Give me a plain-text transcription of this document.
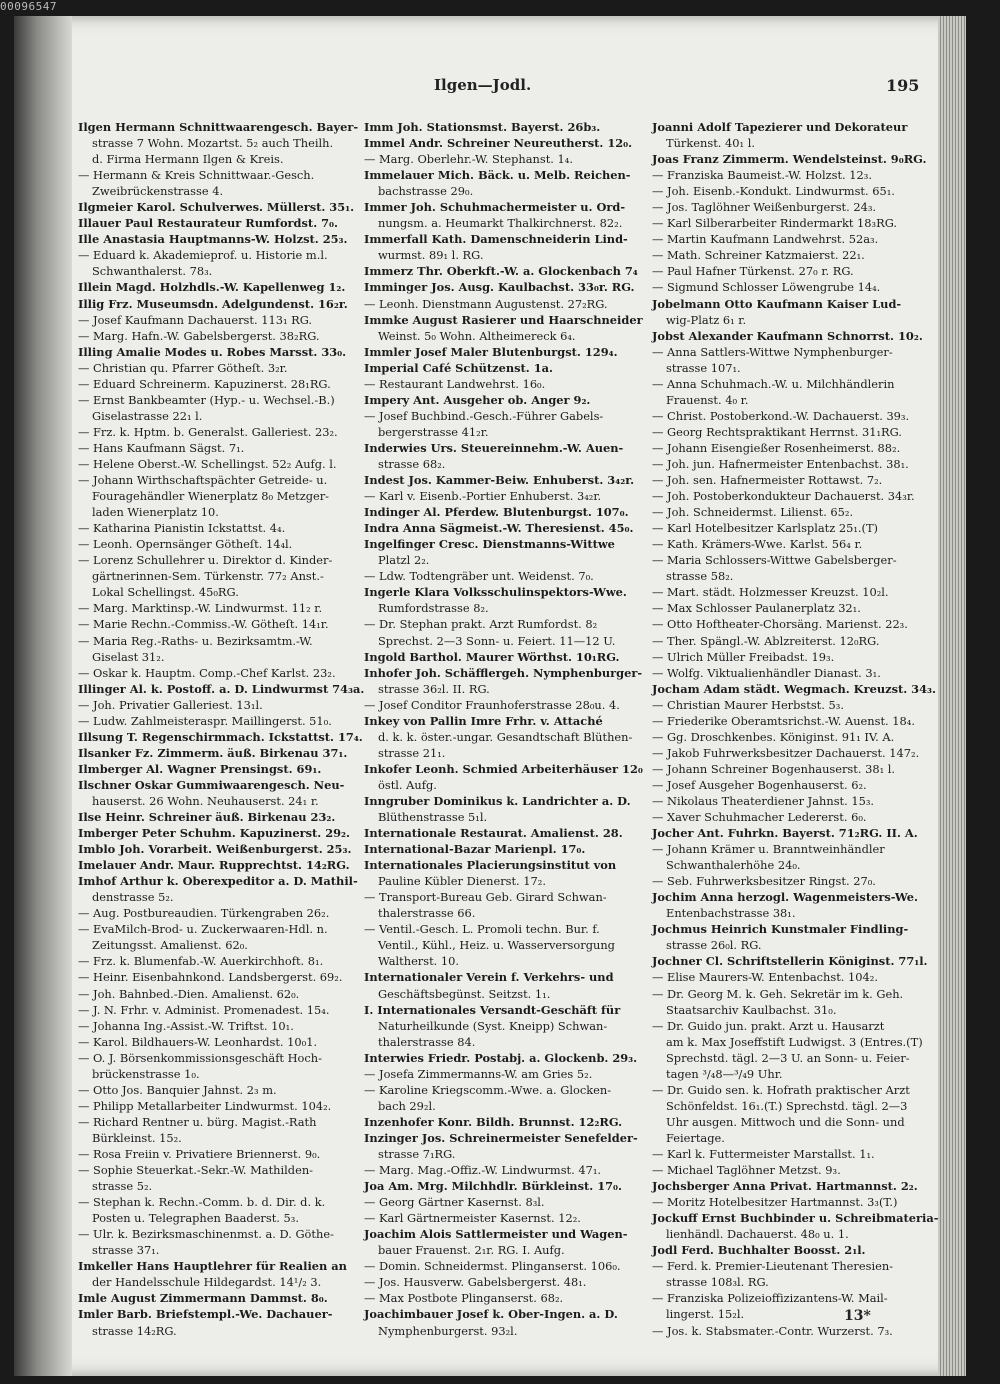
00096547
Ilgen—Jodl.	195
Ilgen Hermann Schnittwaarengesch. Bayer-
strasse 7 Wohn. Mozartst. 5₂ auch Theilh.
d. Firma Hermann Ilgen & Kreis.
— Hermann & Kreis Schnittwaar.-Gesch.
Zweibrückenstrasse 4.
Ilgmeier Karol. Schulverwes. Müllerst. 35₁.
Illauer Paul Restaurateur Rumfordst. 7₀.
Ille Anastasia Hauptmanns-W. Holzst. 25₃.
— Eduard k. Akademieprof. u. Historie m.l.
Schwanthalerst. 78₃.
Illein Magd. Holzhdls.-W. Kapellenweg 1₂.
Illig Frz. Museumsdn. Adelgundenst. 16₂r.
— Josef Kaufmann Dachauerst. 113₁ RG.
— Marg. Hafn.-W. Gabelsbergerst. 38₂RG.
Illing Amalie Modes u. Robes Marsst. 33₀.
— Christian qu. Pfarrer Götheſt. 3₂r.
— Eduard Schreinerm. Kapuzinerst. 28₁RG.
— Ernst Bankbeamter (Hyp.- u. Wechsel.-B.)
Giselastrasse 22₁ l.
— Frz. k. Hptm. b. Generalst. Galleriest. 23₂.
— Hans Kaufmann Sägst. 7₁.
— Helene Oberst.-W. Schellingst. 52₂ Aufg. l.
— Johann Wirthschaftspächter Getreide- u.
Fouragehändler Wienerplatz 8₀ Metzger-
laden Wienerplatz 10.
— Katharina Pianistin Ickstattst. 4₄.
— Leonh. Opernsänger Götheſt. 14₄l.
— Lorenz Schullehrer u. Direktor d. Kinder-
gärtnerinnen-Sem. Türkenstr. 77₂ Anst.-
Lokal Schellingst. 45₀RG.
— Marg. Marktinsp.-W. Lindwurmst. 11₂ r.
— Marie Rechn.-Commiss.-W. Götheſt. 14₁r.
— Maria Reg.-Raths- u. Bezirksamtm.-W.
Giselast 31₂.
— Oskar k. Hauptm. Comp.-Chef Karlst. 23₂.
Illinger Al. k. Postoff. a. D. Lindwurmst 74₃a.
— Joh. Privatier Galleriest. 13₁l.
— Ludw. Zahlmeisteraspr. Maillingerst. 51₀.
Illsung T. Regenschirmmach. Ickstattst. 17₄.
Ilsanker Fz. Zimmerm. äuß. Birkenau 37₁.
Ilmberger Al. Wagner Prensingst. 69₁.
Ilschner Oskar Gummiwaarengesch. Neu-
hauserst. 26 Wohn. Neuhauserst. 24₁ r.
Ilse Heinr. Schreiner äuß. Birkenau 23₂.
Imberger Peter Schuhm. Kapuzinerst. 29₂.
Imblo Joh. Vorarbeit. Weißenburgerst. 25₃.
Imelauer Andr. Maur. Rupprechtst. 14₂RG.
Imhof Arthur k. Oberexpeditor a. D. Mathil-
denstrasse 5₂.
— Aug. Postbureaudien. Türkengraben 26₂.
— EvaMilch-Brod- u. Zuckerwaaren-Hdl. n.
Zeitungsst. Amalienst. 62₀.
— Frz. k. Blumenfab.-W. Auerkirchhoft. 8₁.
— Heinr. Eisenbahnkond. Landsbergerst. 69₂.
— Joh. Bahnbed.-Dien. Amalienst. 62₀.
— J. N. Frhr. v. Administ. Promenadest. 15₄.
— Johanna Ing.-Assist.-W. Triftst. 10₁.
— Karol. Bildhauers-W. Leonhardst. 10₀1.
— O. J. Börsenkommissionsgeschäft Hoch-
brückenstrasse 1₀.
— Otto Jos. Banquier Jahnst. 2₃ m.
— Philipp Metallarbeiter Lindwurmst. 104₂.
— Richard Rentner u. bürg. Magist.-Rath
Bürkleinst. 15₂.
— Rosa Freiin v. Privatiere Briennerst. 9₀.
— Sophie Steuerkat.-Sekr.-W. Mathilden-
strasse 5₂.
— Stephan k. Rechn.-Comm. b. d. Dir. d. k.
Posten u. Telegraphen Baaderst. 5₃.
— Ulr. k. Bezirksmaschinenmst. a. D. Göthe-
strasse 37₁.
Imkeller Hans Hauptlehrer für Realien an
der Handelsschule Hildegardst. 14¹/₂ 3.
Imle August Zimmermann Dammst. 8₀.
Imler Barb. Briefstempl.-We. Dachauer-
strasse 14₂RG.
Imm Joh. Stationsmst. Bayerst. 26b₃.
Immel Andr. Schreiner Neureutherst. 12₀.
— Marg. Oberlehr.-W. Stephanst. 1₄.
Immelauer Mich. Bäck. u. Melb. Reichen-
bachstrasse 29₀.
Immer Joh. Schuhmachermeister u. Ord-
nungsm. a. Heumarkt Thalkirchnerst. 82₂.
Immerfall Kath. Damenschneiderin Lind-
wurmst. 89₁ l. RG.
Immerz Thr. Oberkft.-W. a. Glockenbach 7₄
Imminger Jos. Ausg. Kaulbachst. 33₀r. RG.
— Leonh. Dienstmann Augustenst. 27₂RG.
Immke August Rasierer und Haarschneider
Weinst. 5₀ Wohn. Altheimereck 6₄.
Immler Josef Maler Blutenburgst. 129₄.
Imperial Café Schützenst. 1a.
— Restaurant Landwehrst. 16₀.
Impery Ant. Ausgeher ob. Anger 9₂.
— Josef Buchbind.-Gesch.-Führer Gabels-
bergerstrasse 41₂r.
Inderwies Urs. Steuereinnehm.-W. Auen-
strasse 68₂.
Indest Jos. Kammer-Beiw. Enhuberst. 3₄₂r.
— Karl v. Eisenb.-Portier Enhuberst. 3₄₂r.
Indinger Al. Pferdew. Blutenburgst. 107₀.
Indra Anna Sägmeist.-W. Theresienst. 45₀.
Ingelfinger Cresc. Dienstmanns-Wittwe
Platzl 2₂.
— Ldw. Todtengräber unt. Weidenst. 7₀.
Ingerle Klara Volksschulinspektors-Wwe.
Rumfordstrasse 8₂.
— Dr. Stephan prakt. Arzt Rumfordst. 8₂
Sprechst. 2—3 Sonn- u. Feiert. 11—12 U.
Ingold Barthol. Maurer Wörthst. 10₁RG.
Inhofer Joh. Schäfflergeh. Nymphenburger-
strasse 36₂l. II. RG.
— Josef Conditor Fraunhoferstrasse 28₀u. 4.
Inkey von Pallin Imre Frhr. v. Attaché
d. k. k. öster.-ungar. Gesandtschaft Blüthen-
strasse 21₁.
Inkofer Leonh. Schmied Arbeiterhäuser 12₀
östl. Aufg.
Inngruber Dominikus k. Landrichter a. D.
Blüthenstrasse 5₁l.
Internationale Restaurat. Amalienst. 28.
International-Bazar Marienpl. 17₀.
Internationales Placierungsinstitut von
Pauline Kübler Dienerst. 17₂.
— Transport-Bureau Geb. Girard Schwan-
thalerstrasse 66.
— Ventil.-Gesch. L. Promoli techn. Bur. f.
Ventil., Kühl., Heiz. u. Wasserversorgung
Waltherst. 10.
Internationaler Verein f. Verkehrs- und
Geschäftsbegünst. Seitzst. 1₁.
I. Internationales Versandt-Geschäft für
Naturheilkunde (Syst. Kneipp) Schwan-
thalerstrasse 84.
Interwies Friedr. Postabj. a. Glockenb. 29₃.
— Josefa Zimmermanns-W. am Gries 5₂.
— Karoline Kriegscomm.-Wwe. a. Glocken-
bach 29₂l.
Inzenhofer Konr. Bildh. Brunnst. 12₂RG.
Inzinger Jos. Schreinermeister Senefelder-
strasse 7₁RG.
— Marg. Mag.-Offiz.-W. Lindwurmst. 47₁.
Joa Am. Mrg. Milchhdlr. Bürkleinst. 17₀.
— Georg Gärtner Kasernst. 8₃l.
— Karl Gärtnermeister Kasernst. 12₂.
Joachim Alois Sattlermeister und Wagen-
bauer Frauenst. 2₁r. RG. I. Aufg.
— Domin. Schneidermst. Plinganserst. 106₀.
— Jos. Hausverw. Gabelsbergerst. 48₁.
— Max Postbote Plinganserst. 68₂.
Joachimbauer Josef k. Ober-Ingen. a. D.
Nymphenburgerst. 93₂l.
Joanni Adolf Tapezierer und Dekorateur
Türkenst. 40₁ l.
Joas Franz Zimmerm. Wendelsteinst. 9₀RG.
— Franziska Baumeist.-W. Holzst. 12₃.
— Joh. Eisenb.-Kondukt. Lindwurmst. 65₁.
— Jos. Taglöhner Weißenburgerst. 24₃.
— Karl Silberarbeiter Rindermarkt 18₃RG.
— Martin Kaufmann Landwehrst. 52a₃.
— Math. Schreiner Katzmaierst. 22₁.
— Paul Hafner Türkenst. 27₀ r. RG.
— Sigmund Schlosser Löwengrube 14₄.
Jobelmann Otto Kaufmann Kaiser Lud-
wig-Platz 6₁ r.
Jobst Alexander Kaufmann Schnorrst. 10₂.
— Anna Sattlers-Wittwe Nymphenburger-
strasse 107₁.
— Anna Schuhmach.-W. u. Milchhändlerin
Frauenst. 4₀ r.
— Christ. Postoberkond.-W. Dachauerst. 39₃.
— Georg Rechtspraktikant Herrnst. 31₁RG.
— Johann Eisengießer Rosenheimerst. 88₂.
— Joh. jun. Hafnermeister Entenbachst. 38₁.
— Joh. sen. Hafnermeister Rottawst. 7₂.
— Joh. Postoberkondukteur Dachauerst. 34₃r.
— Joh. Schneidermst. Lilienst. 65₂.
— Karl Hotelbesitzer Karlsplatz 25₁.(T)
— Kath. Krämers-Wwe. Karlst. 56₄ r.
— Maria Schlossers-Wittwe Gabelsberger-
strasse 58₂.
— Mart. städt. Holzmesser Kreuzst. 10₂l.
— Max Schlosser Paulanerplatz 32₁.
— Otto Hoftheater-Chorsäng. Marienst. 22₃.
— Ther. Spängl.-W. Ablzreiterst. 12₀RG.
— Ulrich Müller Freibadst. 19₃.
— Wolfg. Viktualienhändler Dianast. 3₁.
Jocham Adam städt. Wegmach. Kreuzst. 34₃.
— Christian Maurer Herbstst. 5₃.
— Friederike Oberamtsrichst.-W. Auenst. 18₄.
— Gg. Droschkenbes. Königinst. 91₁ IV. A.
— Jakob Fuhrwerksbesitzer Dachauerst. 147₂.
— Johann Schreiner Bogenhauserst. 38₁ l.
— Josef Ausgeher Bogenhauserst. 6₂.
— Nikolaus Theaterdiener Jahnst. 15₃.
— Xaver Schuhmacher Ledererst. 6₀.
Jocher Ant. Fuhrkn. Bayerst. 71₂RG. II. A.
— Johann Krämer u. Branntweinhändler
Schwanthalerhöhe 24₀.
— Seb. Fuhrwerksbesitzer Ringst. 27₀.
Jochim Anna herzogl. Wagenmeisters-We.
Entenbachstrasse 38₁.
Jochmus Heinrich Kunstmaler Findling-
strasse 26₀l. RG.
Jochner Cl. Schriftstellerin Königinst. 77₁l.
— Elise Maurers-W. Entenbachst. 104₂.
— Dr. Georg M. k. Geh. Sekretär im k. Geh.
Staatsarchiv Kaulbachst. 31₀.
— Dr. Guido jun. prakt. Arzt u. Hausarzt
am k. Max Joseffstift Ludwigst. 3 (Entres.(T)
Sprechstd. tägl. 2—3 U. an Sonn- u. Feier-
tagen ³/₄8—³/₄9 Uhr.
— Dr. Guido sen. k. Hofrath praktischer Arzt
Schönfeldst. 16₁.(T.) Sprechstd. tägl. 2—3
Uhr ausgen. Mittwoch und die Sonn- und
Feiertage.
— Karl k. Futtermeister Marstallst. 1₁.
— Michael Taglöhner Metzst. 9₃.
Jochsberger Anna Privat. Hartmannst. 2₂.
— Moritz Hotelbesitzer Hartmannst. 3₃(T.)
Jockuff Ernst Buchbinder u. Schreibmateria-
lienhändl. Dachauerst. 48₀ u. 1.
Jodl Ferd. Buchhalter Boosst. 2₁l.
— Ferd. k. Premier-Lieutenant Theresien-
strasse 108₃l. RG.
— Franziska Polizeioffizizantens-W. Mail-
lingerst. 15₂l.
— Jos. k. Stabsmater.-Contr. Wurzerst. 7₃.
13*
